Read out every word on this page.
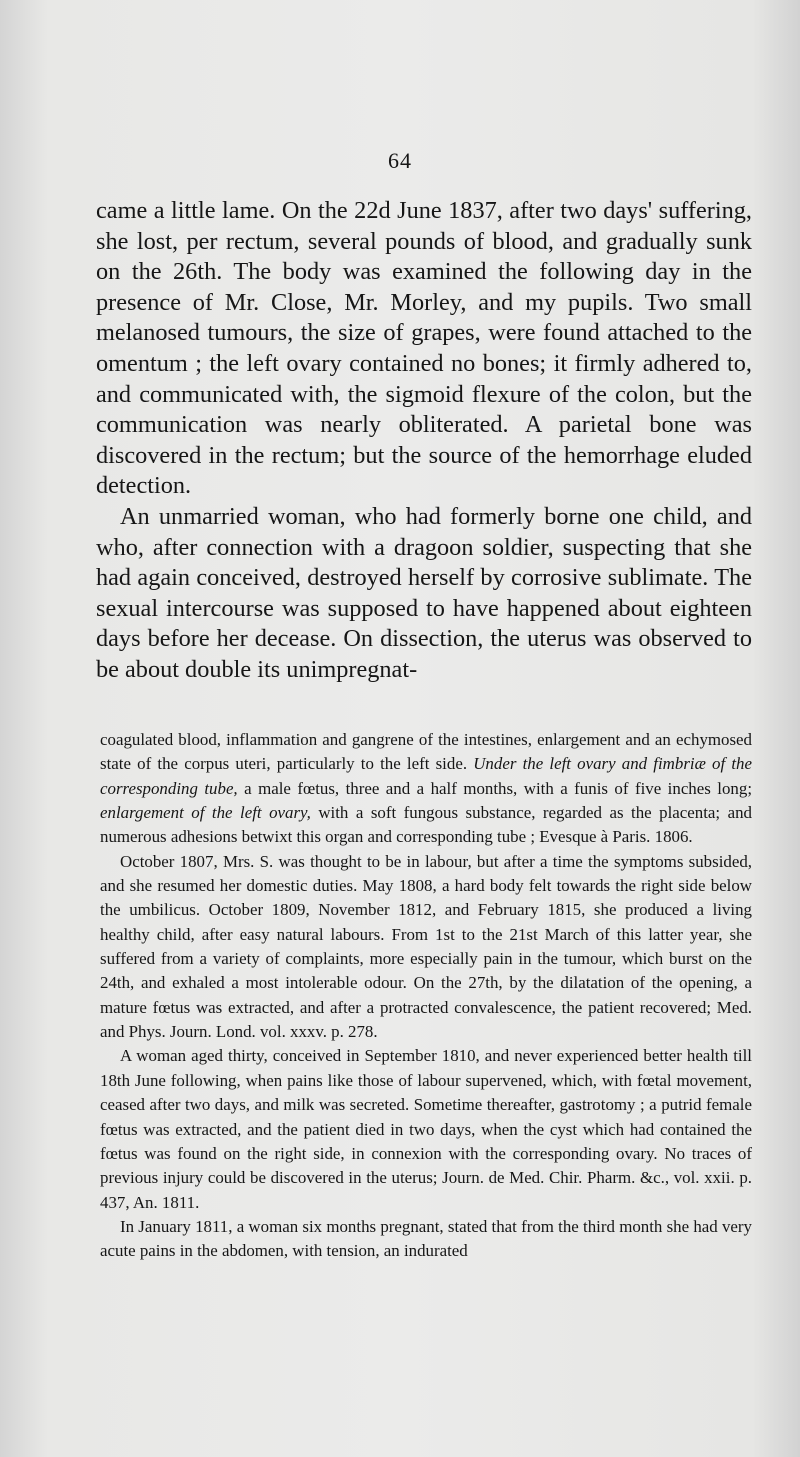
64

came a little lame. On the 22d June 1837, after two days' suffering, she lost, per rectum, several pounds of blood, and gradually sunk on the 26th. The body was examined the following day in the presence of Mr. Close, Mr. Morley, and my pupils. Two small melanosed tumours, the size of grapes, were found attached to the omentum ; the left ovary contained no bones; it firmly adhered to, and communicated with, the sigmoid flexure of the colon, but the communication was nearly obliterated. A parietal bone was discovered in the rectum; but the source of the hemorrhage eluded detection.

An unmarried woman, who had formerly borne one child, and who, after connection with a dragoon soldier, suspecting that she had again conceived, destroyed herself by corrosive sublimate. The sexual intercourse was supposed to have happened about eighteen days before her decease. On dissection, the uterus was observed to be about double its unimpregnat-

coagulated blood, inflammation and gangrene of the intestines, enlargement and an echymosed state of the corpus uteri, particularly to the left side. Under the left ovary and fimbriæ of the corresponding tube, a male fœtus, three and a half months, with a funis of five inches long; enlargement of the left ovary, with a soft fungous substance, regarded as the placenta; and numerous adhesions betwixt this organ and corresponding tube ; Evesque à Paris. 1806.

October 1807, Mrs. S. was thought to be in labour, but after a time the symptoms subsided, and she resumed her domestic duties. May 1808, a hard body felt towards the right side below the umbilicus. October 1809, November 1812, and February 1815, she produced a living healthy child, after easy natural labours. From 1st to the 21st March of this latter year, she suffered from a variety of complaints, more especially pain in the tumour, which burst on the 24th, and exhaled a most intolerable odour. On the 27th, by the dilatation of the opening, a mature fœtus was extracted, and after a protracted convalescence, the patient recovered; Med. and Phys. Journ. Lond. vol. xxxv. p. 278.

A woman aged thirty, conceived in September 1810, and never experienced better health till 18th June following, when pains like those of labour supervened, which, with fœtal movement, ceased after two days, and milk was secreted. Sometime thereafter, gastrotomy ; a putrid female fœtus was extracted, and the patient died in two days, when the cyst which had contained the fœtus was found on the right side, in connexion with the corresponding ovary. No traces of previous injury could be discovered in the uterus; Journ. de Med. Chir. Pharm. &c., vol. xxii. p. 437, An. 1811.

In January 1811, a woman six months pregnant, stated that from the third month she had very acute pains in the abdomen, with tension, an indurated
